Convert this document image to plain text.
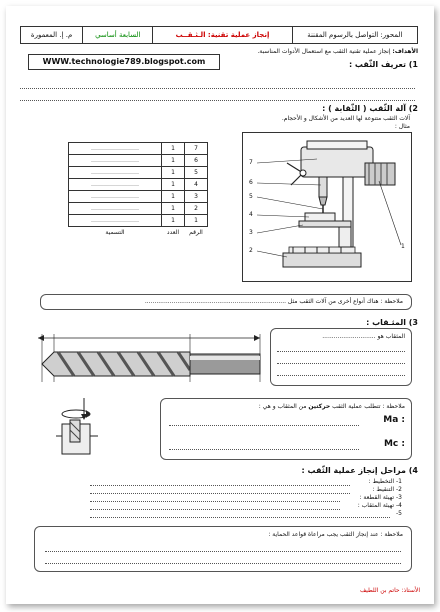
م. إ. المعمورة	السابعة أساسي	إنجاز عملية تقنية: الـثـقــب	المحور: التواصل بالرسوم المقننة
الأهداف: إنجاز عملية تقنية الثقب مع استعمال الأدوات المناسبة.
WWW.technologie789.blogspot.com	1) تعريف الثّقب :
2) آلة الثّقب ( الثّقابة ) :
آلات الثقب متنوعة لها العديد من الأشكال و الأحجام.
مثال :
7
6
5
4
3
2
1
……………………	1	7
……………………	1	6
……………………	1	5
……………………	1	4
……………………	1	3
……………………	1	2
……………………	1	1
التسمية	العدد	الرقم
ملاحظة : هناك أنواع أخرى من آلات الثقب مثل ..........................................................................
3) المثـقاب :
المثقاب هو ............................
ملاحظة : تتطلب عملية الثقب حركتين من المثقاب و هي :
Ma :
Mc :
4) مراحل إنجاز عملية الثّقب :
1- التخطيط :
2- التنقيط :
3- تهيئة القطعة :
4- تهيئة المثقاب :
5-
ملاحظة : عند إنجاز الثقب يجب مراعاة قواعد الحماية :
الأستاذ: حاتم بن اللطيف
